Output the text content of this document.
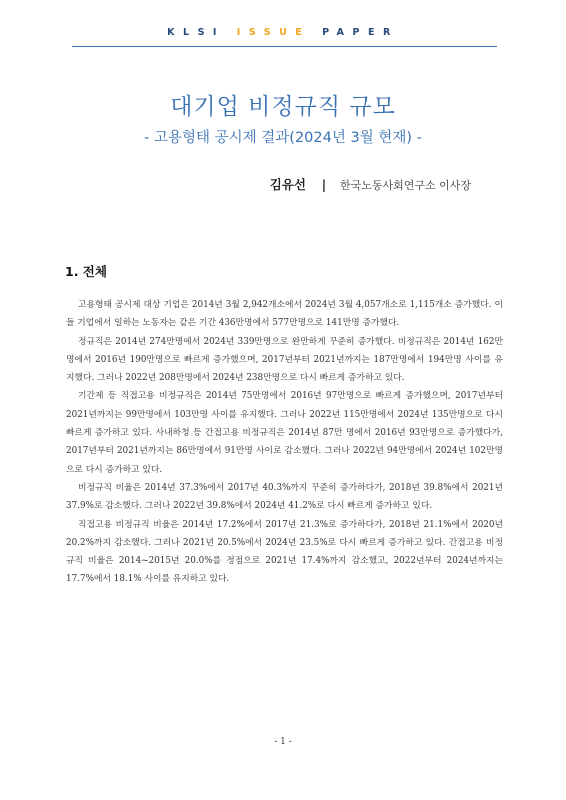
KLSI ISSUE PAPER
대기업 비정규직 규모
- 고용형태 공시제 결과(2024년 3월 현재) -
김유선 | 한국노동사회연구소 이사장
1. 전체

고용형태 공시제 대상 기업은 2014년 3월 2,942개소에서 2024년 3월 4,057개소로 1,115개소 증가했다. 이들 기업에서 일하는 노동자는 같은 기간 436만명에서 577만명으로 141만명 증가했다.

정규직은 2014년 274만명에서 2024년 339만명으로 완만하게 꾸준히 증가했다. 비정규직은 2014년 162만명에서 2016년 190만명으로 빠르게 증가했으며, 2017년부터 2021년까지는 187만명에서 194만명 사이를 유지했다. 그러나 2022년 208만명에서 2024년 238만명으로 다시 빠르게 증가하고 있다.

기간제 등 직접고용 비정규직은 2014년 75만명에서 2016년 97만명으로 빠르게 증가했으며, 2017년부터 2021년까지는 99만명에서 103만명 사이를 유지했다. 그러나 2022년 115만명에서 2024년 135만명으로 다시 빠르게 증가하고 있다. 사내하청 등 간접고용 비정규직은 2014년 87만 명에서 2016년 93만명으로 증가했다가, 2017년부터 2021년까지는 86만명에서 91만명 사이로 감소했다. 그러나 2022년 94만명에서 2024년 102만명으로 다시 증가하고 있다.

비정규직 비율은 2014년 37.3%에서 2017년 40.3%까지 꾸준히 증가하다가, 2018년 39.8%에서 2021년 37.9%로 감소했다. 그러나 2022년 39.8%에서 2024년 41.2%로 다시 빠르게 증가하고 있다.

직접고용 비정규직 비율은 2014년 17.2%에서 2017년 21.3%로 증가하다가, 2018년 21.1%에서 2020년 20.2%까지 감소했다. 그러나 2021년 20.5%에서 2024년 23.5%로 다시 빠르게 증가하고 있다. 간접고용 비정규직 비율은 2014~2015년 20.0%를 정점으로 2021년 17.4%까지 감소했고, 2022년부터 2024년까지는 17.7%에서 18.1% 사이를 유지하고 있다.

- 1 -
